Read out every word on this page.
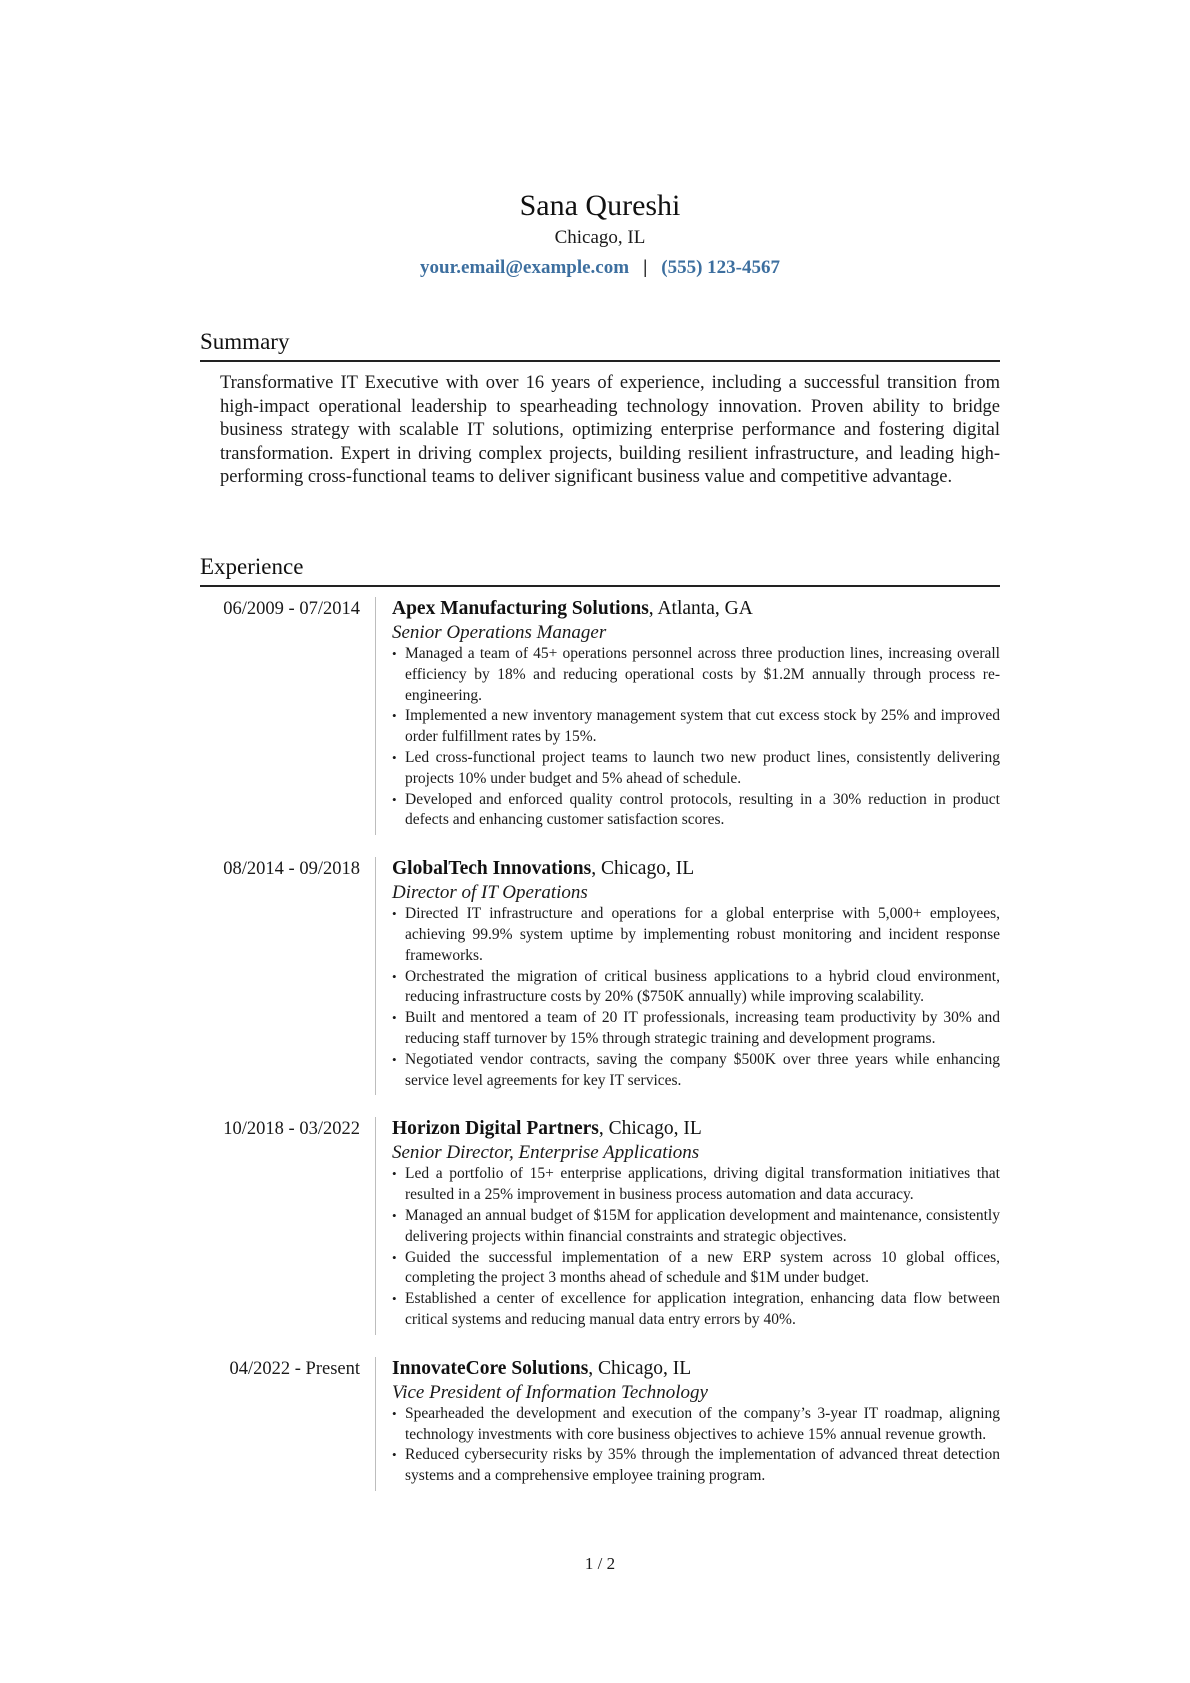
Sana Qureshi
Chicago, IL
your.email@example.com | (555) 123-4567
Summary

Transformative IT Executive with over 16 years of experience, including a successful transition from high-impact operational leadership to spearheading technology innovation. Proven ability to bridge business strategy with scalable IT solutions, optimizing enterprise performance and fostering digital transformation. Expert in driving complex projects, building resilient infrastructure, and leading high-performing cross-functional teams to deliver significant business value and competitive advantage.

Experience
06/2009 - 07/2014	Apex Manufacturing Solutions, Atlanta, GA
Senior Operations Manager
• Managed a team of 45+ operations personnel across three production lines, increasing overall efficiency by 18% and reducing operational costs by $1.2M annually through process re-engineering.
• Implemented a new inventory management system that cut excess stock by 25% and improved order fulfillment rates by 15%.
• Led cross-functional project teams to launch two new product lines, consistently delivering projects 10% under budget and 5% ahead of schedule.
• Developed and enforced quality control protocols, resulting in a 30% reduction in product defects and enhancing customer satisfaction scores.
08/2014 - 09/2018	GlobalTech Innovations, Chicago, IL
Director of IT Operations
• Directed IT infrastructure and operations for a global enterprise with 5,000+ employees, achieving 99.9% system uptime by implementing robust monitoring and incident response frameworks.
• Orchestrated the migration of critical business applications to a hybrid cloud environment, reducing infrastructure costs by 20% ($750K annually) while improving scalability.
• Built and mentored a team of 20 IT professionals, increasing team productivity by 30% and reducing staff turnover by 15% through strategic training and development programs.
• Negotiated vendor contracts, saving the company $500K over three years while enhancing service level agreements for key IT services.
10/2018 - 03/2022	Horizon Digital Partners, Chicago, IL
Senior Director, Enterprise Applications
• Led a portfolio of 15+ enterprise applications, driving digital transformation initiatives that resulted in a 25% improvement in business process automation and data accuracy.
• Managed an annual budget of $15M for application development and maintenance, consistently delivering projects within financial constraints and strategic objectives.
• Guided the successful implementation of a new ERP system across 10 global offices, completing the project 3 months ahead of schedule and $1M under budget.
• Established a center of excellence for application integration, enhancing data flow between critical systems and reducing manual data entry errors by 40%.
04/2022 - Present	InnovateCore Solutions, Chicago, IL
Vice President of Information Technology
• Spearheaded the development and execution of the company’s 3-year IT roadmap, aligning technology investments with core business objectives to achieve 15% annual revenue growth.
• Reduced cybersecurity risks by 35% through the implementation of advanced threat detection systems and a comprehensive employee training program.
1 / 2
